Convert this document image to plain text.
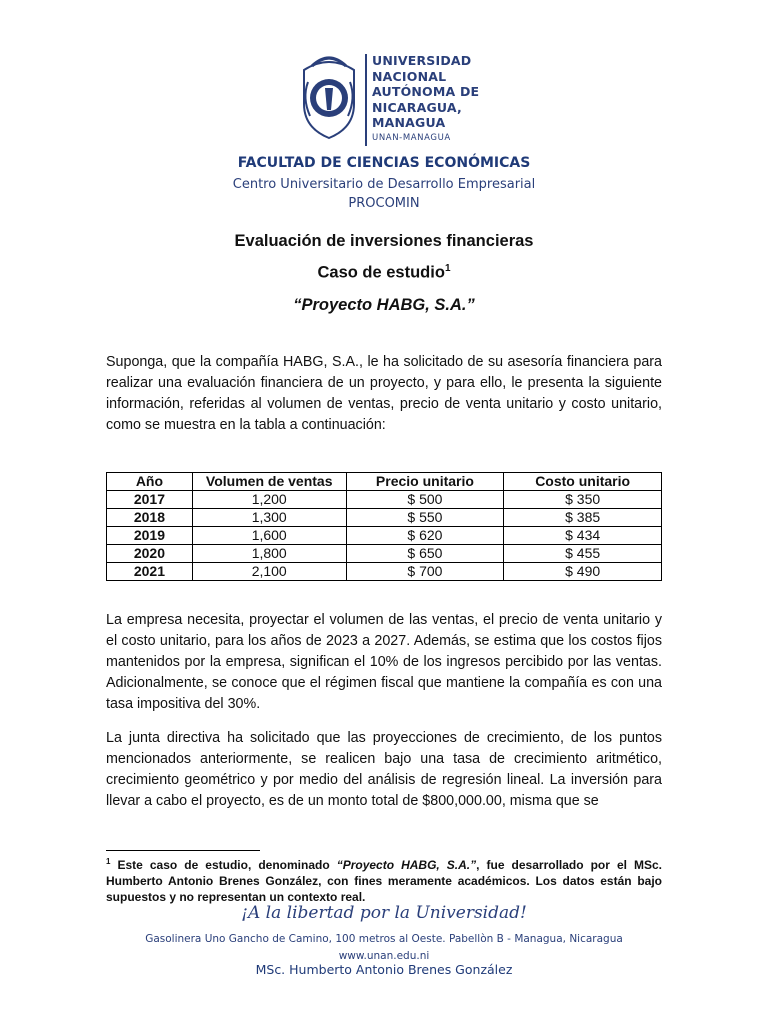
UNIVERSIDAD
NACIONAL
AUTÓNOMA DE
NICARAGUA,
MANAGUA
UNAN-MANAGUA
FACULTAD DE CIENCIAS ECONÓMICAS
Centro Universitario de Desarrollo Empresarial
PROCOMIN
Evaluación de inversiones financieras
Caso de estudio$^1$
“Proyecto HABG, S.A.”
Suponga, que la compañía HABG, S.A., le ha solicitado de su asesoría financiera para realizar una evaluación financiera de un proyecto, y para ello, le presenta la siguiente información, referidas al volumen de ventas, precio de venta unitario y costo unitario, como se muestra en la tabla a continuación:
Año	Volumen de ventas	Precio unitario	Costo unitario
2017	1,200	$ 500	$ 350
2018	1,300	$ 550	$ 385
2019	1,600	$ 620	$ 434
2020	1,800	$ 650	$ 455
2021	2,100	$ 700	$ 490
La empresa necesita, proyectar el volumen de las ventas, el precio de venta unitario y el costo unitario, para los años de 2023 a 2027. Además, se estima que los costos fijos mantenidos por la empresa, significan el 10% de los ingresos percibido por las ventas. Adicionalmente, se conoce que el régimen fiscal que mantiene la compañía es con una tasa impositiva del 30%.
La junta directiva ha solicitado que las proyecciones de crecimiento, de los puntos mencionados anteriormente, se realicen bajo una tasa de crecimiento aritmético, crecimiento geométrico y por medio del análisis de regresión lineal. La inversión para llevar a cabo el proyecto, es de un monto total de $800,000.00, misma que se
$^1$ Este caso de estudio, denominado “Proyecto HABG, S.A.”, fue desarrollado por el MSc. Humberto Antonio Brenes González, con fines meramente académicos. Los datos están bajo supuestos y no representan un contexto real.
¡A la libertad por la Universidad!
Gasolinera Uno Gancho de Camino, 100 metros al Oeste. Pabellòn B - Managua, Nicaragua
www.unan.edu.ni
MSc. Humberto Antonio Brenes González
